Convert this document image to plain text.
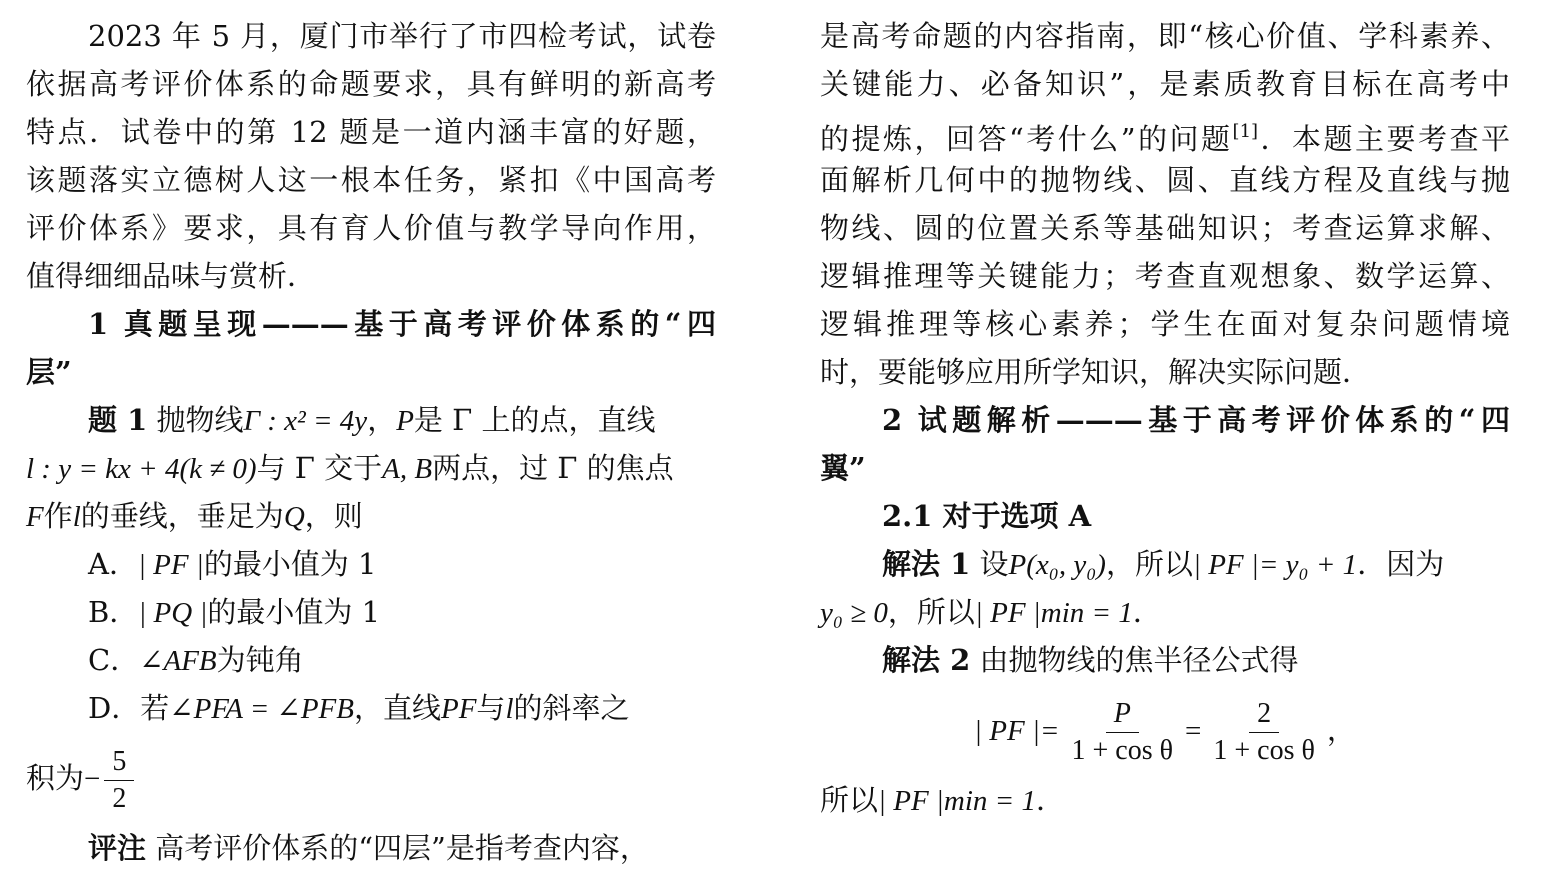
2023 年 5 月，厦门市举行了市四检考试，试卷
依据高考评价体系的命题要求，具有鲜明的新高考
特点．试卷中的第 12 题是一道内涵丰富的好题，
该题落实立德树人这一根本任务，紧扣《中国高考
评价体系》要求，具有育人价值与教学导向作用，
值得细细品味与赏析．
1 真题呈现———基于高考评价体系的“四
层”
题 1 抛物线Γ : x² = 4y，P是 Γ 上的点，直线
l : y = kx + 4(k ≠ 0)与 Γ 交于A, B两点，过 Γ 的焦点
F作l的垂线，垂足为Q，则
A．| PF |的最小值为 1
B．| PQ |的最小值为 1
C．∠AFB为钝角
D．若∠PFA = ∠PFB，直线PF与l的斜率之
积为− $\frac{5}{2}$
评注 高考评价体系的“四层”是指考查内容，
是高考命题的内容指南，即“核心价值、学科素养、
关键能力、必备知识”，是素质教育目标在高考中
的提炼，回答“考什么”的问题[1]．本题主要考查平
面解析几何中的抛物线、圆、直线方程及直线与抛
物线、圆的位置关系等基础知识；考查运算求解、
逻辑推理等关键能力；考查直观想象、数学运算、
逻辑推理等核心素养；学生在面对复杂问题情境
时，要能够应用所学知识，解决实际问题．
2 试题解析———基于高考评价体系的“四
翼”
2.1 对于选项 A
解法 1 设P(x₀, y₀)，所以| PF |= y₀ + 1．因为
y₀ ≥ 0，所以| PF |min = 1．
解法 2 由抛物线的焦半径公式得
| PF |= $\frac{P}{\text{1 + cos θ}} = \frac{2}{\text{1 + cos θ}}$ ，
所以| PF |min = 1．
